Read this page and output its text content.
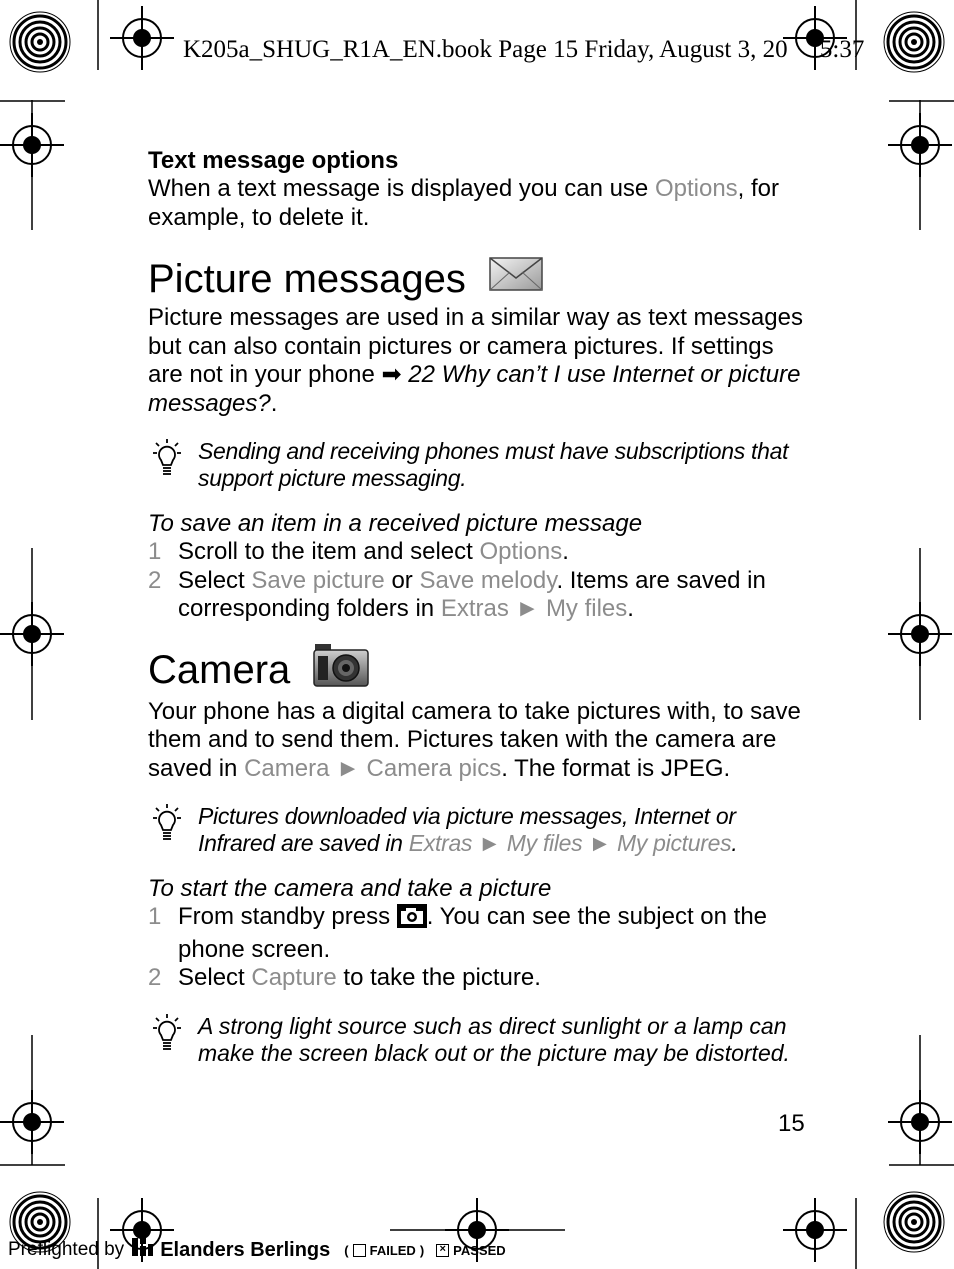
K205a_SHUG_R1A_EN.book Page 15 Friday, August 3, 20 5:37
Text message options
When a text message is displayed you can use Options, for example, to delete it.
Picture messages
Picture messages are used in a similar way as text messages but can also contain pictures or camera pictures. If settings are not in your phone ➡ 22 Why can’t I use Internet or picture messages?.
Sending and receiving phones must have subscriptions that support picture messaging.
To save an item in a received picture message
1 Scroll to the item and select Options.
2 Select Save picture or Save melody. Items are saved in corresponding folders in Extras ► My files.
Camera
Your phone has a digital camera to take pictures with, to save them and to send them. Pictures taken with the camera are saved in Camera ► Camera pics. The format is JPEG.
Pictures downloaded via picture messages, Internet or Infrared are saved in Extras ► My files ► My pictures.
To start the camera and take a picture
1 From standby press . You can see the subject on the phone screen.
2 Select Capture to take the picture.
A strong light source such as direct sunlight or a lamp can make the screen black out or the picture may be distorted.
15
Preflighted by Elanders Berlings ( FAILED ) × PASSED
